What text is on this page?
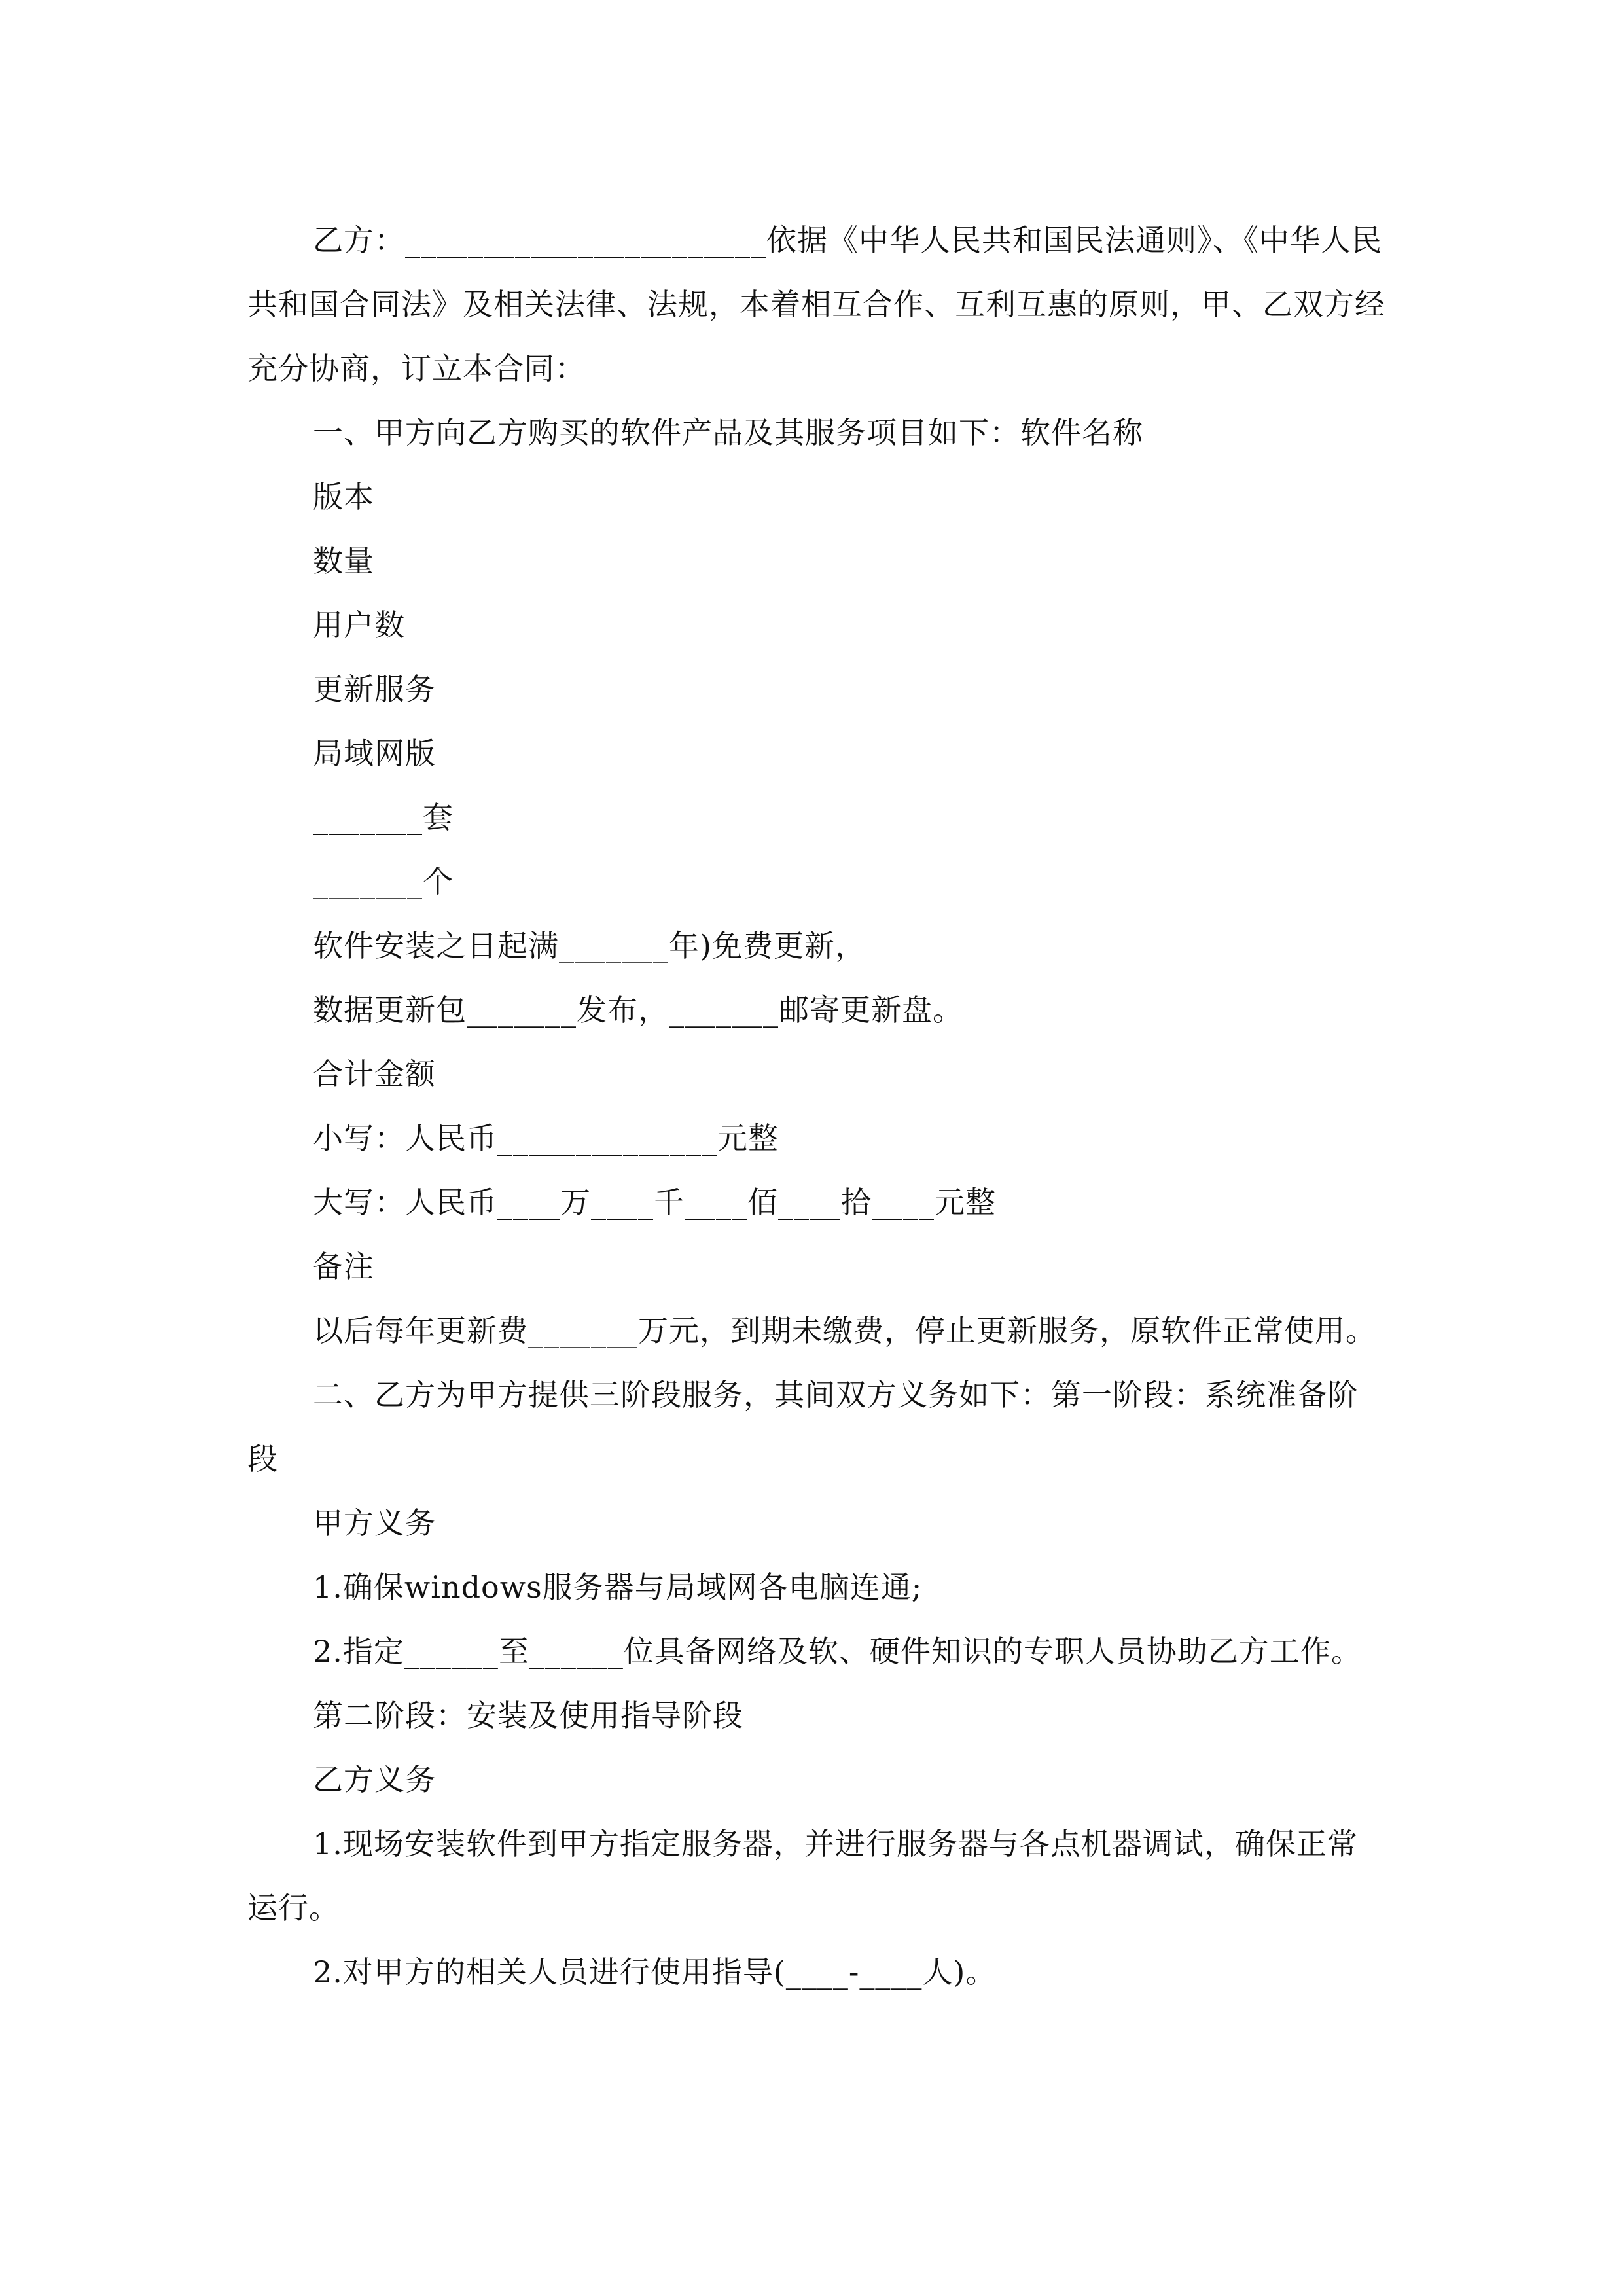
乙方：_______________________依据《中华人民共和国民法通则》、《中华人民共和国合同法》及相关法律、法规，本着相互合作、互利互惠的原则，甲、乙双方经充分协商，订立本合同：

一、甲方向乙方购买的软件产品及其服务项目如下：软件名称

版本

数量

用户数

更新服务

局域网版

_______套

_______个

软件安装之日起满_______年)免费更新，

数据更新包_______发布，_______邮寄更新盘。

合计金额

小写：人民币______________元整

大写：人民币____万____千____佰____拾____元整

备注

以后每年更新费_______万元，到期未缴费，停止更新服务，原软件正常使用。

二、乙方为甲方提供三阶段服务，其间双方义务如下：第一阶段：系统准备阶段

甲方义务

1.确保windows服务器与局域网各电脑连通;

2.指定______至______位具备网络及软、硬件知识的专职人员协助乙方工作。

第二阶段：安装及使用指导阶段

乙方义务

1.现场安装软件到甲方指定服务器，并进行服务器与各点机器调试，确保正常运行。

2.对甲方的相关人员进行使用指导(____-____人)。
